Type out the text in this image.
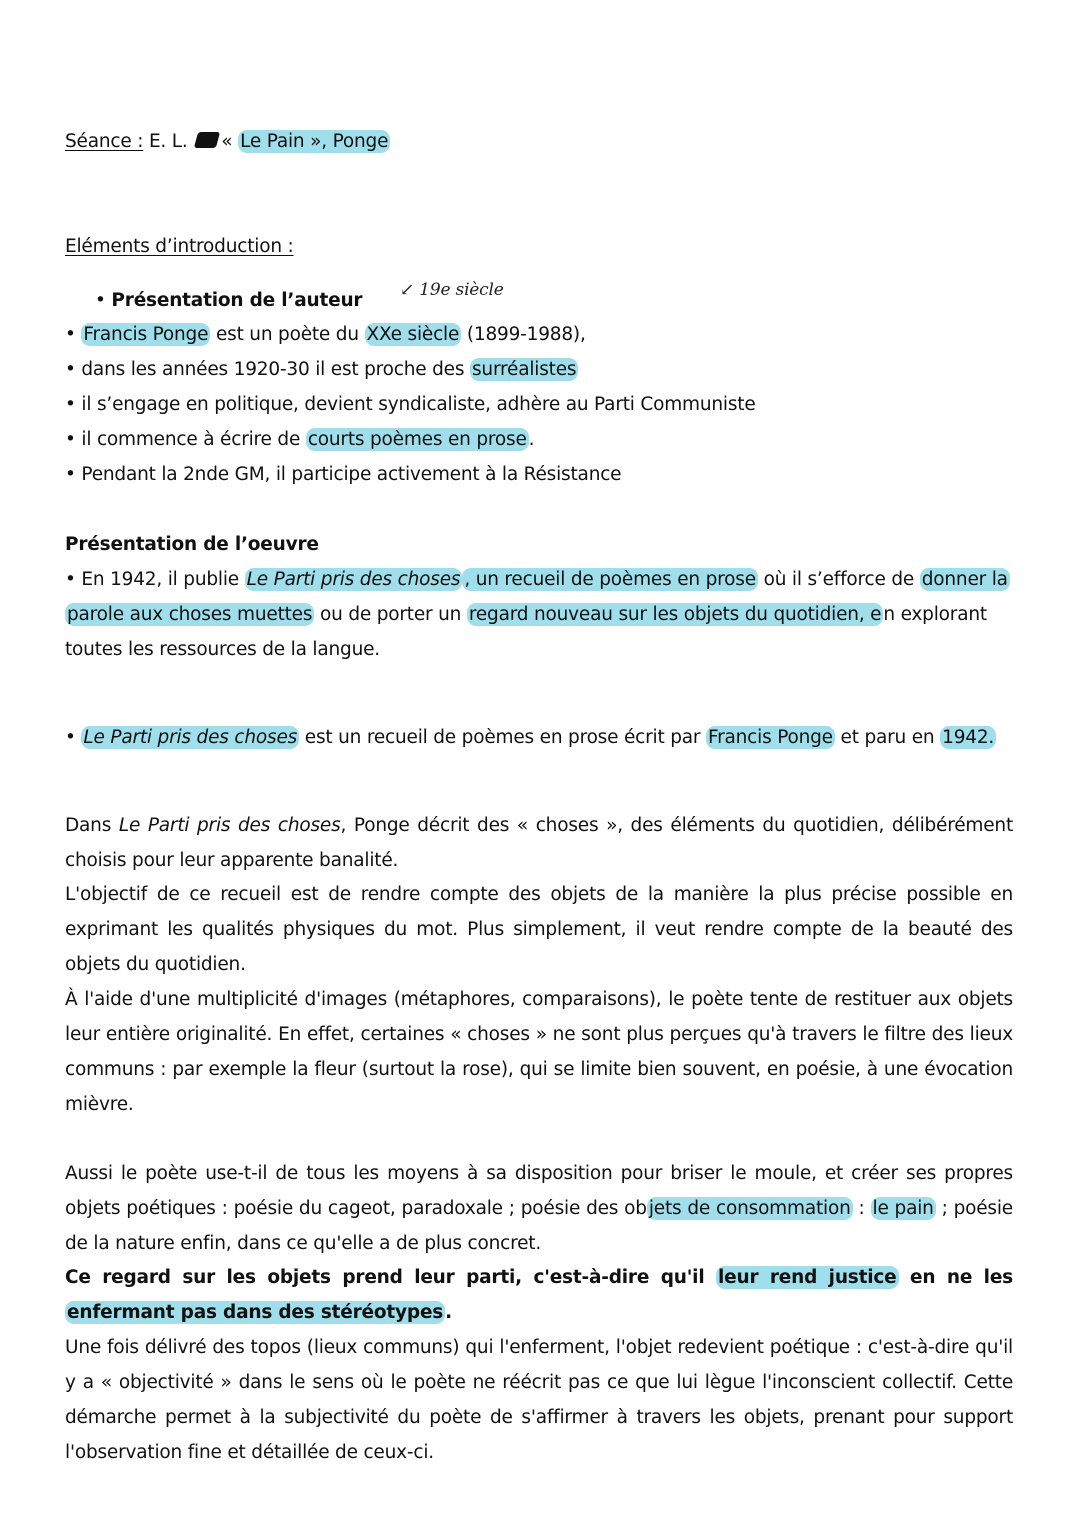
Séance : E. L. « Le Pain », Ponge
Eléments d’introduction :
• Présentation de l’auteur	↙ 19e siècle
• Francis Ponge est un poète du XXe siècle (1899-1988),
• dans les années 1920-30 il est proche des surréalistes
• il s’engage en politique, devient syndicaliste, adhère au Parti Communiste
• il commence à écrire de courts poèmes en prose .
• Pendant la 2nde GM, il participe activement à la Résistance
Présentation de l’oeuvre
• En 1942, il publie Le Parti pris des choses , un recueil de poèmes en prose où il s’efforce de donner la parole aux choses muettes ou de porter un regard nouveau sur les objets du quotidien, e n explorant toutes les ressources de la langue.
• Le Parti pris des choses est un recueil de poèmes en prose écrit par Francis Ponge et paru en 1942.
Dans Le Parti pris des choses, Ponge décrit des « choses », des éléments du quotidien, délibérément choisis pour leur apparente banalité.
L'objectif de ce recueil est de rendre compte des objets de la manière la plus précise possible en exprimant les qualités physiques du mot. Plus simplement, il veut rendre compte de la beauté des objets du quotidien.
À l'aide d'une multiplicité d'images (métaphores, comparaisons), le poète tente de restituer aux objets leur entière originalité. En effet, certaines « choses » ne sont plus perçues qu'à travers le filtre des lieux communs : par exemple la fleur (surtout la rose), qui se limite bien souvent, en poésie, à une évocation mièvre.
Aussi le poète use-t-il de tous les moyens à sa disposition pour briser le moule, et créer ses propres objets poétiques : poésie du cageot, paradoxale ; poésie des ob jets de consommation : le pain ; poésie de la nature enfin, dans ce qu'elle a de plus concret.
Ce regard sur les objets prend leur parti, c'est-à-dire qu'il leur rend justice en ne les enfermant pas dans des stéréotypes .
Une fois délivré des topos (lieux communs) qui l'enferment, l'objet redevient poétique : c'est-à-dire qu'il y a « objectivité » dans le sens où le poète ne réécrit pas ce que lui lègue l'inconscient collectif. Cette démarche permet à la subjectivité du poète de s'affirmer à travers les objets, prenant pour support l'observation fine et détaillée de ceux-ci.
